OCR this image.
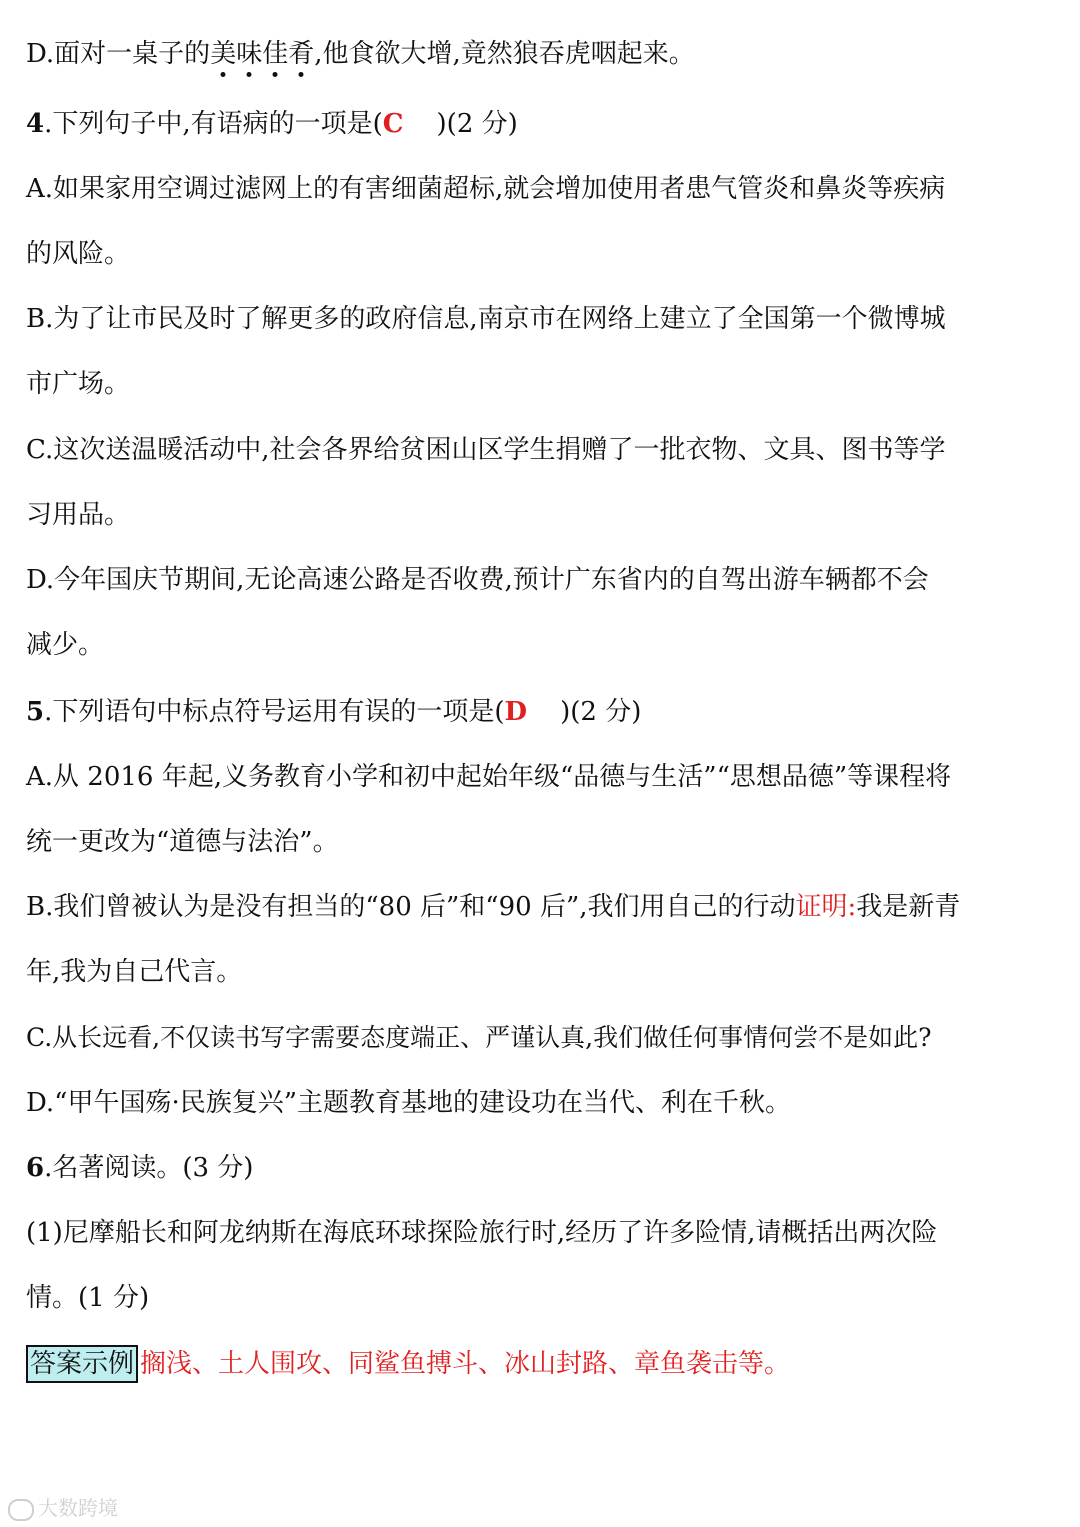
D.面对一桌子的美味佳肴,他食欲大增,竟然狼吞虎咽起来。
4.下列句子中,有语病的一项是(C    )(2 分)
A.如果家用空调过滤网上的有害细菌超标,就会增加使用者患气管炎和鼻炎等疾病
的风险。
B.为了让市民及时了解更多的政府信息,南京市在网络上建立了全国第一个微博城
市广场。
C.这次送温暖活动中,社会各界给贫困山区学生捐赠了一批衣物、文具、图书等学
习用品。
D.今年国庆节期间,无论高速公路是否收费,预计广东省内的自驾出游车辆都不会
减少。
5.下列语句中标点符号运用有误的一项是(D    )(2 分)
A.从 2016 年起,义务教育小学和初中起始年级“品德与生活”“思想品德”等课程将
统一更改为“道德与法治”。
B.我们曾被认为是没有担当的“80 后”和“90 后”,我们用自己的行动证明:我是新青
年,我为自己代言。
C.从长远看,不仅读书写字需要态度端正、严谨认真,我们做任何事情何尝不是如此?
D.“甲午国殇·民族复兴”主题教育基地的建设功在当代、利在千秋。
6.名著阅读。(3 分)
(1)尼摩船长和阿龙纳斯在海底环球探险旅行时,经历了许多险情,请概括出两次险
情。(1 分)
答案示例 搁浅、土人围攻、同鲨鱼搏斗、冰山封路、章鱼袭击等。
大数跨境
